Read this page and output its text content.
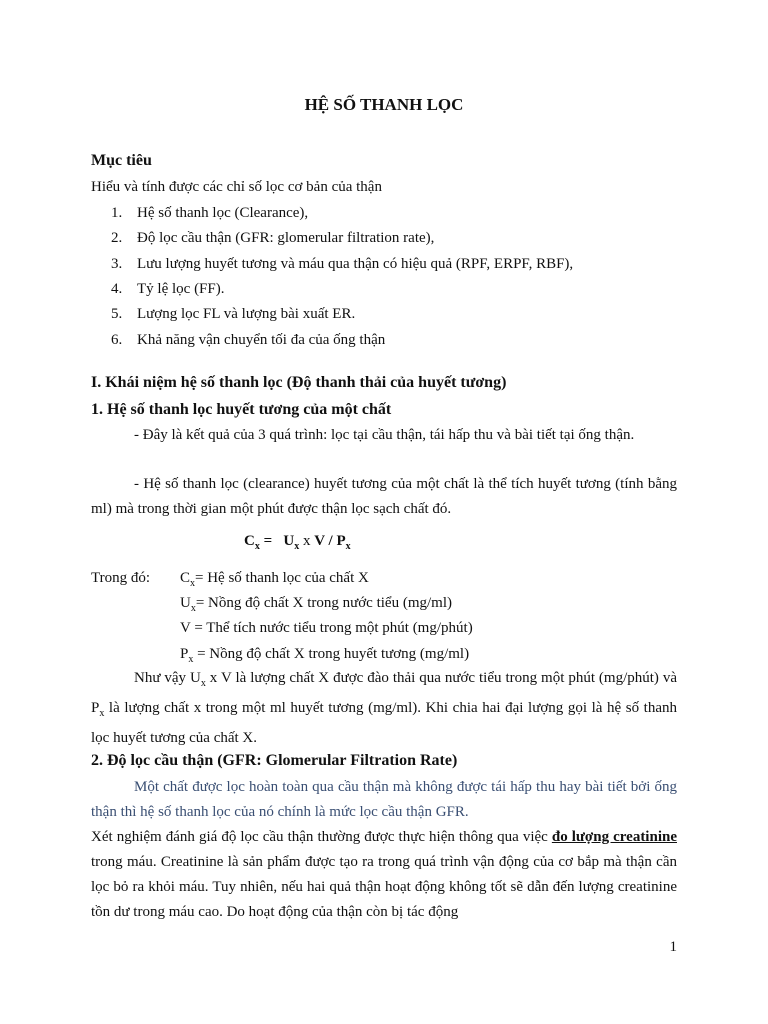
HỆ SỐ THANH LỌC
Mục tiêu
Hiểu và tính được các chỉ số lọc cơ bản của thận
1. Hệ số thanh lọc (Clearance),
2. Độ lọc cầu thận (GFR: glomerular filtration rate),
3. Lưu lượng huyết tương và máu qua thận có hiệu quả (RPF, ERPF, RBF),
4. Tỷ lệ lọc (FF).
5. Lượng lọc FL và lượng bài xuất ER.
6. Khả năng vận chuyển tối đa của ống thận
I. Khái niệm hệ số thanh lọc (Độ thanh thải của huyết tương)
1. Hệ số thanh lọc huyết tương của một chất
- Đây là kết quả của 3 quá trình: lọc tại cầu thận, tái hấp thu và bài tiết tại ống thận.
- Hệ số thanh lọc (clearance) huyết tương của một chất là thể tích huyết tương (tính bằng ml) mà trong thời gian một phút được thận lọc sạch chất đó.
$C_x = U_x$ x V / $P_x$
Trong đó: $C_x=$ Hệ số thanh lọc của chất X
$U_x=$ Nồng độ chất X trong nước tiểu (mg/ml)
V = Thể tích nước tiểu trong một phút (mg/phút)
$P_x$ = Nồng độ chất X trong huyết tương (mg/ml)
Như vậy $U_x$ x V là lượng chất X được đào thải qua nước tiểu trong một phút (mg/phút) và $P_x$ là lượng chất x trong một ml huyết tương (mg/ml). Khi chia hai đại lượng gọi là hệ số thanh lọc huyết tương của chất X.
2. Độ lọc cầu thận (GFR: Glomerular Filtration Rate)
Một chất được lọc hoàn toàn qua cầu thận mà không được tái hấp thu hay bài tiết bởi ống thận thì hệ số thanh lọc của nó chính là mức lọc cầu thận GFR.
Xét nghiệm đánh giá độ lọc cầu thận thường được thực hiện thông qua việc đo lượng creatinine trong máu. Creatinine là sản phẩm được tạo ra trong quá trình vận động của cơ bắp mà thận cần lọc bỏ ra khỏi máu. Tuy nhiên, nếu hai quả thận hoạt động không tốt sẽ dẫn đến lượng creatinine tồn dư trong máu cao. Do hoạt động của thận còn bị tác động
1
